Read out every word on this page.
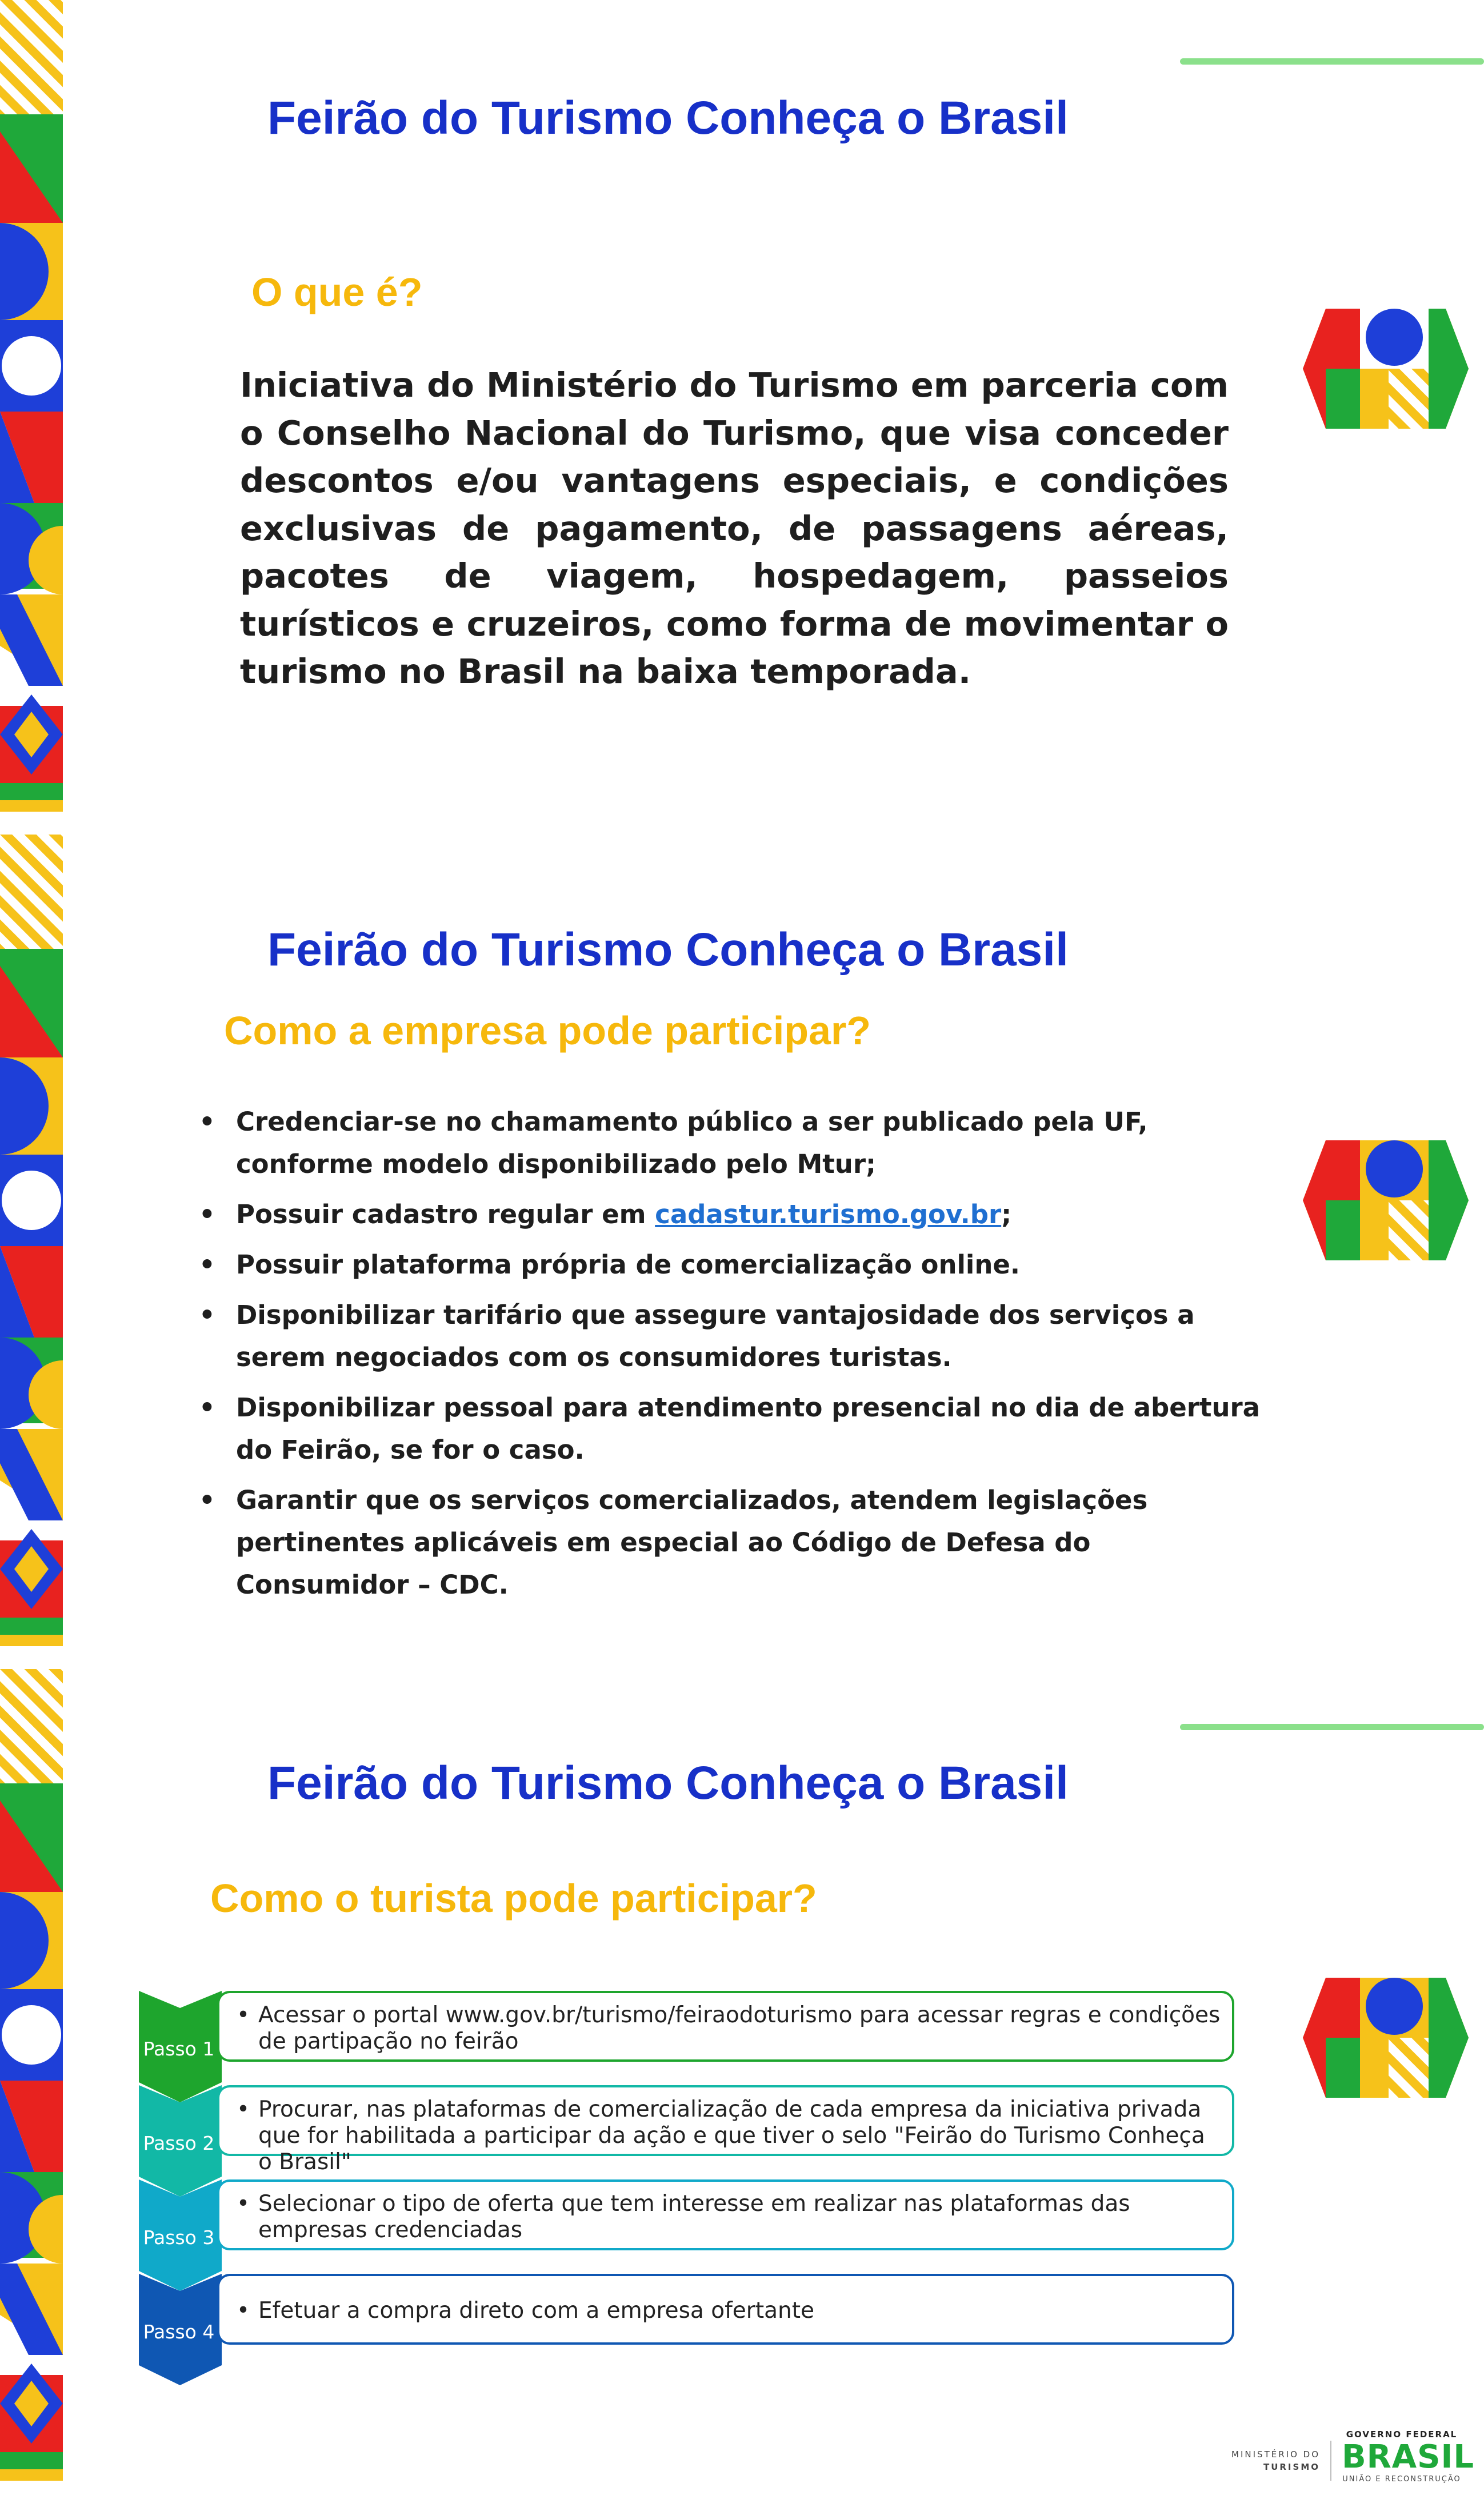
Feirão do Turismo Conheça o Brasil
O que é?

Iniciativa do Ministério do Turismo em parceria com o Conselho Nacional do Turismo, que visa conceder descontos e/ou vantagens especiais, e condições exclusivas de pagamento, de passagens aéreas, pacotes de viagem, hospedagem, passeios turísticos e cruzeiros, como forma de movimentar o turismo no Brasil na baixa temporada.

Feirão do Turismo Conheça o Brasil
Como a empresa pode participar?
• Credenciar-se no chamamento público a ser publicado pela UF, conforme modelo disponibilizado pelo Mtur;
• Possuir cadastro regular em cadastur.turismo.gov.br;
• Possuir plataforma própria de comercialização online.
• Disponibilizar tarifário que assegure vantajosidade dos serviços a serem negociados com os consumidores turistas.
• Disponibilizar pessoal para atendimento presencial no dia de abertura do Feirão, se for o caso.
• Garantir que os serviços comercializados, atendem legislações pertinentes aplicáveis em especial ao Código de Defesa do Consumidor – CDC.
Feirão do Turismo Conheça o Brasil
Como o turista pode participar?
Passo 1
• Acessar o portal www.gov.br/turismo/feiraodoturismo para acessar regras e condições de partipação no feirão
Passo 2
• Procurar, nas plataformas de comercialização de cada empresa da iniciativa privada que for habilitada a participar da ação e que tiver o selo "Feirão do Turismo Conheça o Brasil"
Passo 3
• Selecionar o tipo de oferta que tem interesse em realizar nas plataformas das empresas credenciadas
Passo 4
• Efetuar a compra direto com a empresa ofertante
MINISTÉRIO DO
TURISMO
GOVERNO FEDERAL
BRASIL
UNIÃO E RECONSTRUÇÃO
